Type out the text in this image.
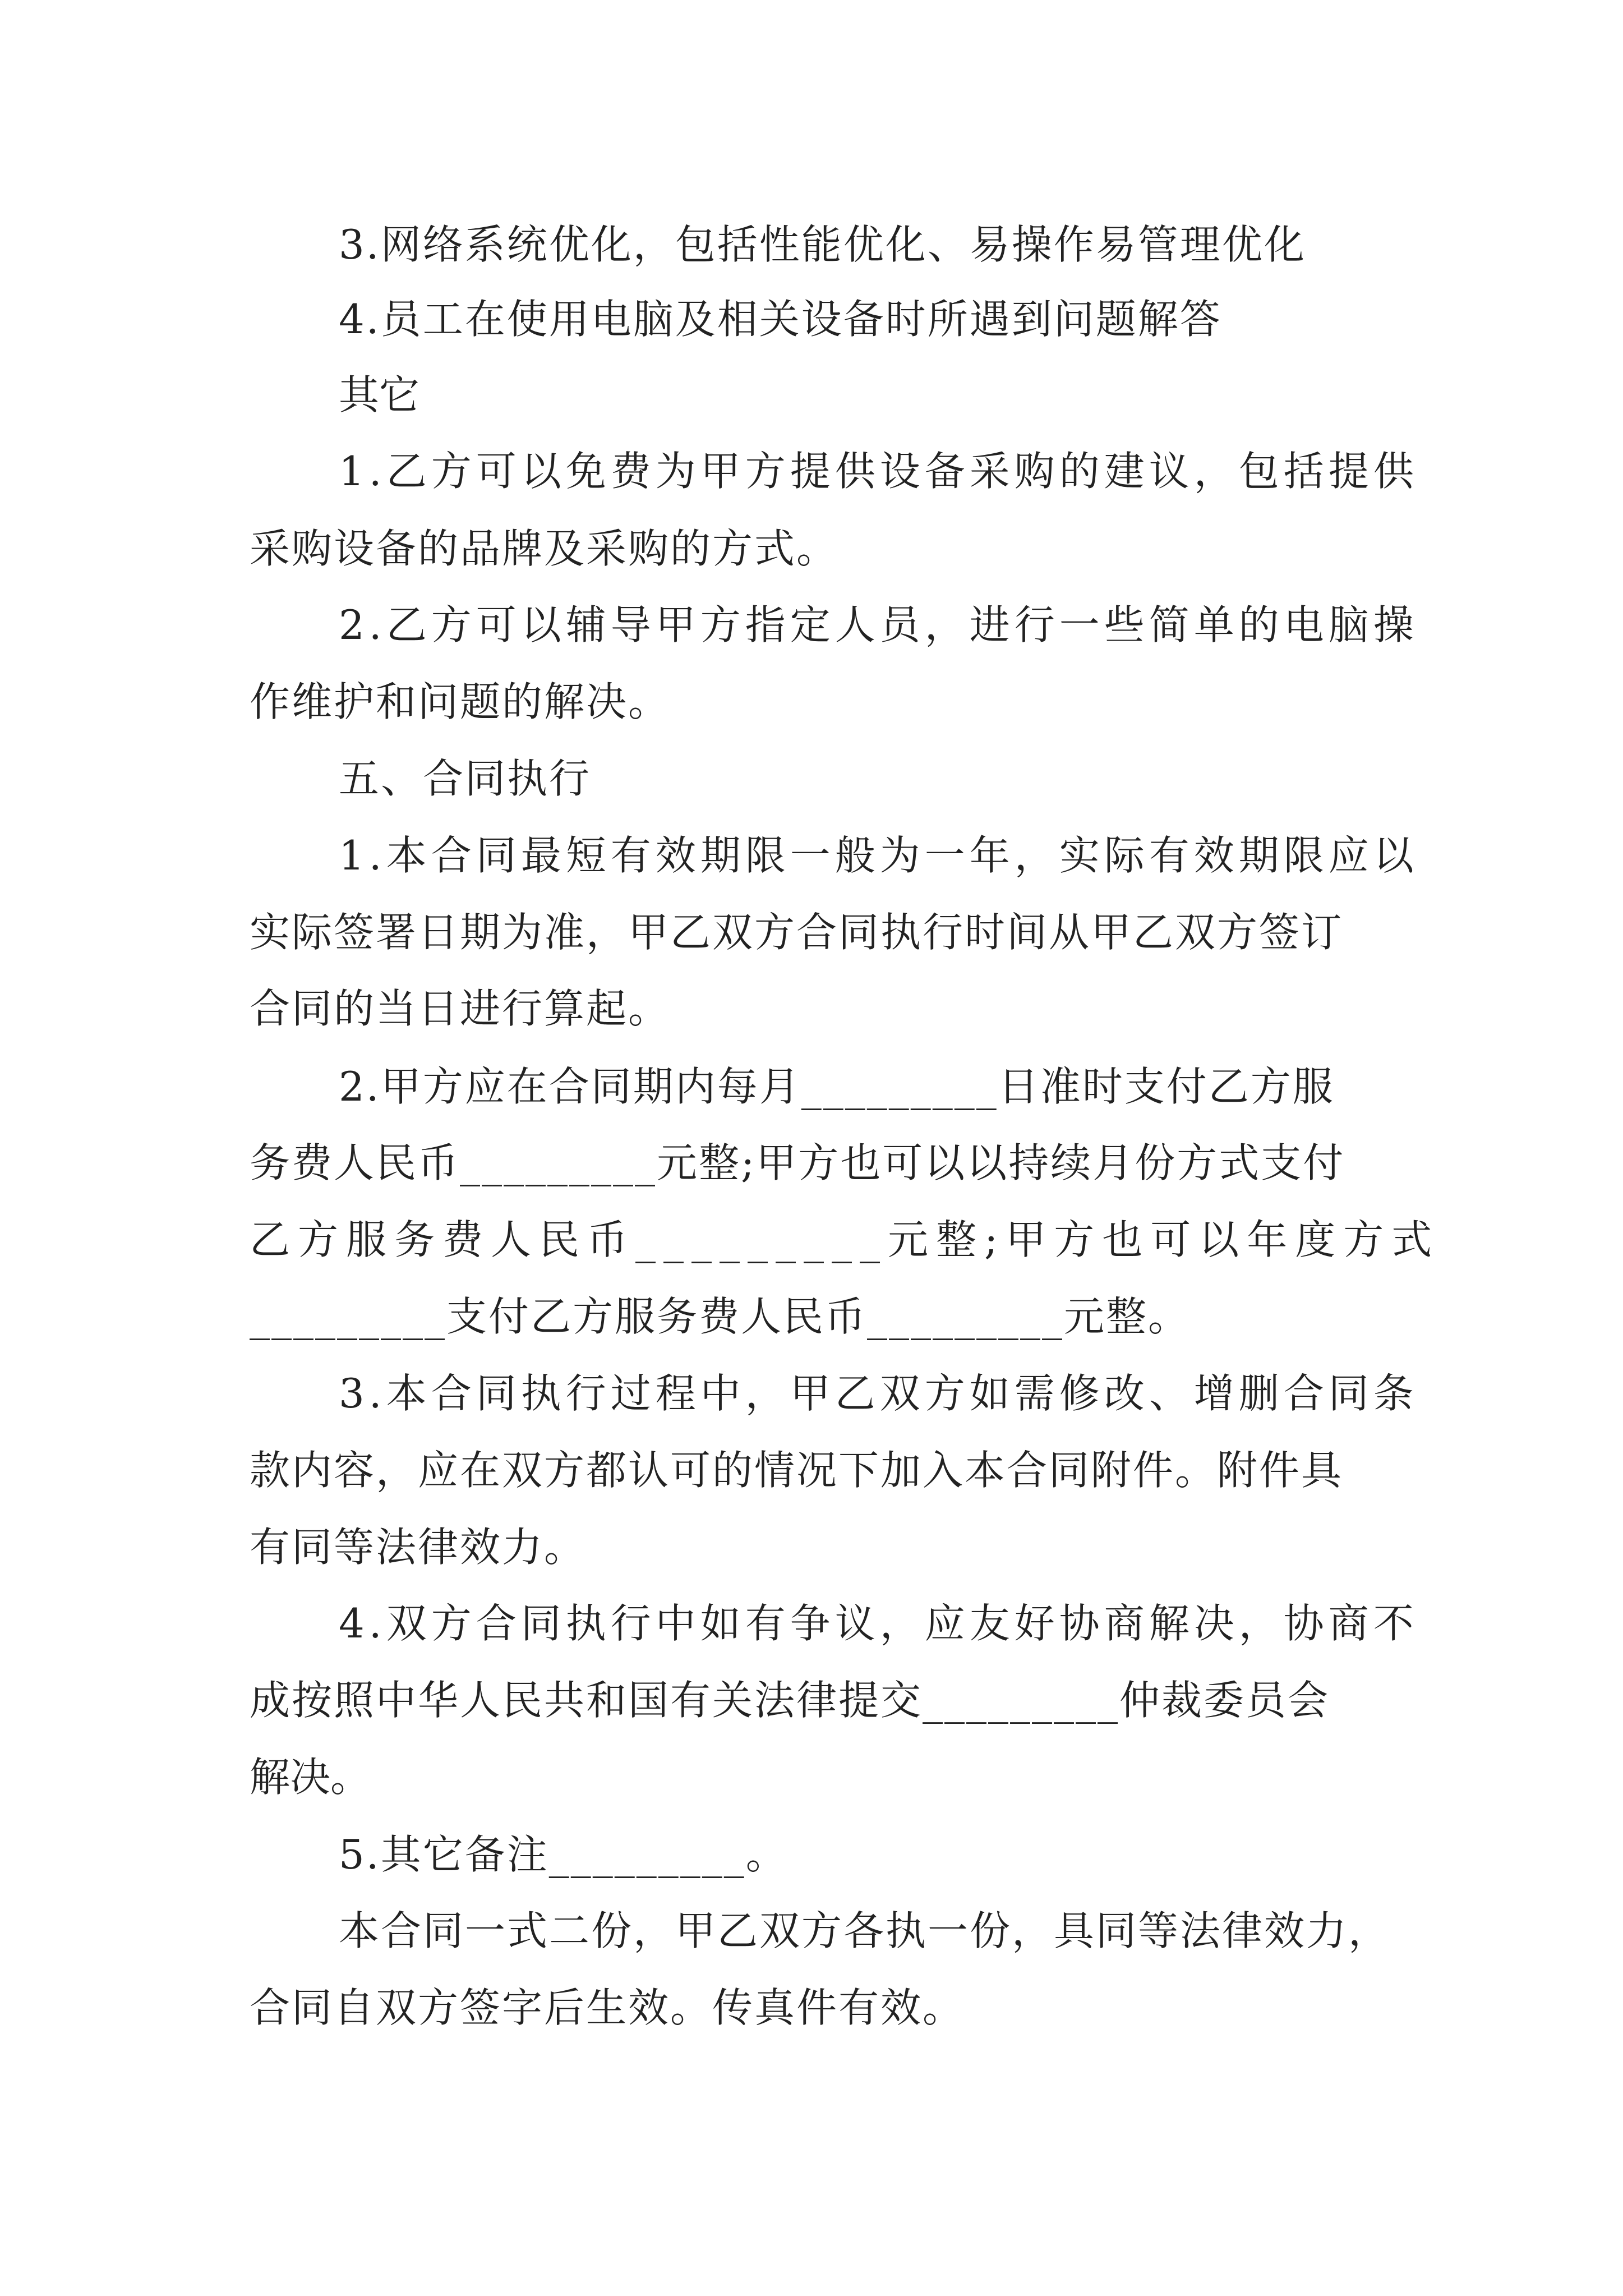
3.网络系统优化，包括性能优化、易操作易管理优化

4.员工在使用电脑及相关设备时所遇到问题解答

其它

1.乙方可以免费为甲方提供设备采购的建议，包括提供

采购设备的品牌及采购的方式。

2.乙方可以辅导甲方指定人员，进行一些简单的电脑操

作维护和问题的解决。

五、合同执行

1.本合同最短有效期限一般为一年，实际有效期限应以

实际签署日期为准，甲乙双方合同执行时间从甲乙双方签订

合同的当日进行算起。

2.甲方应在合同期内每月_________日准时支付乙方服

务费人民币_________元整;甲方也可以以持续月份方式支付

乙方服务费人民币_________元整;甲方也可以年度方式

_________支付乙方服务费人民币_________元整。

3.本合同执行过程中，甲乙双方如需修改、增删合同条

款内容，应在双方都认可的情况下加入本合同附件。附件具

有同等法律效力。

4.双方合同执行中如有争议，应友好协商解决，协商不

成按照中华人民共和国有关法律提交_________仲裁委员会

解决。

5.其它备注_________。

本合同一式二份，甲乙双方各执一份，具同等法律效力，

合同自双方签字后生效。传真件有效。
